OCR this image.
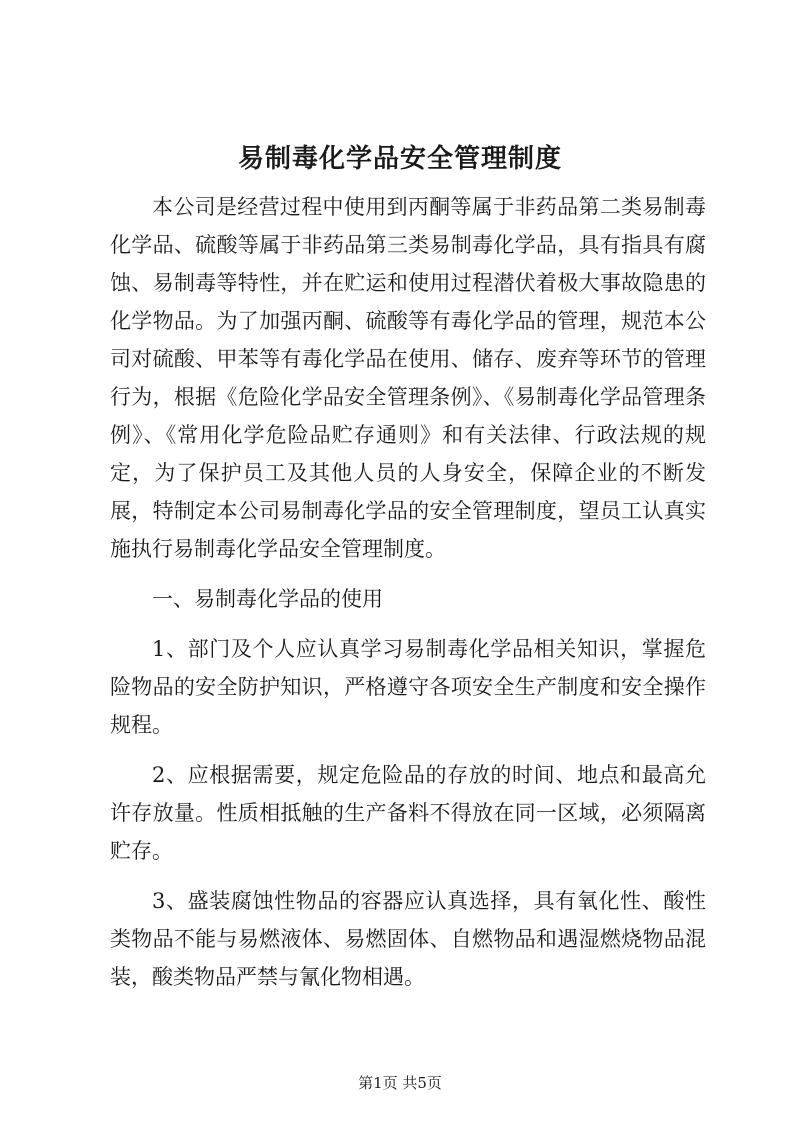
易制毒化学品安全管理制度

本公司是经营过程中使用到丙酮等属于非药品第二类易制毒化学品、硫酸等属于非药品第三类易制毒化学品，具有指具有腐蚀、易制毒等特性，并在贮运和使用过程潜伏着极大事故隐患的化学物品。为了加强丙酮、硫酸等有毒化学品的管理，规范本公司对硫酸、甲苯等有毒化学品在使用、储存、废弃等环节的管理行为，根据《危险化学品安全管理条例》、《易制毒化学品管理条例》、《常用化学危险品贮存通则》和有关法律、行政法规的规定，为了保护员工及其他人员的人身安全，保障企业的不断发展，特制定本公司易制毒化学品的安全管理制度，望员工认真实施执行易制毒化学品安全管理制度。

一、易制毒化学品的使用

1、部门及个人应认真学习易制毒化学品相关知识，掌握危险物品的安全防护知识，严格遵守各项安全生产制度和安全操作规程。

2、应根据需要，规定危险品的存放的时间、地点和最高允许存放量。性质相抵触的生产备料不得放在同一区域，必须隔离贮存。

3、盛装腐蚀性物品的容器应认真选择，具有氧化性、酸性类物品不能与易燃液体、易燃固体、自燃物品和遇湿燃烧物品混装，酸类物品严禁与氰化物相遇。

第1页 共5页
